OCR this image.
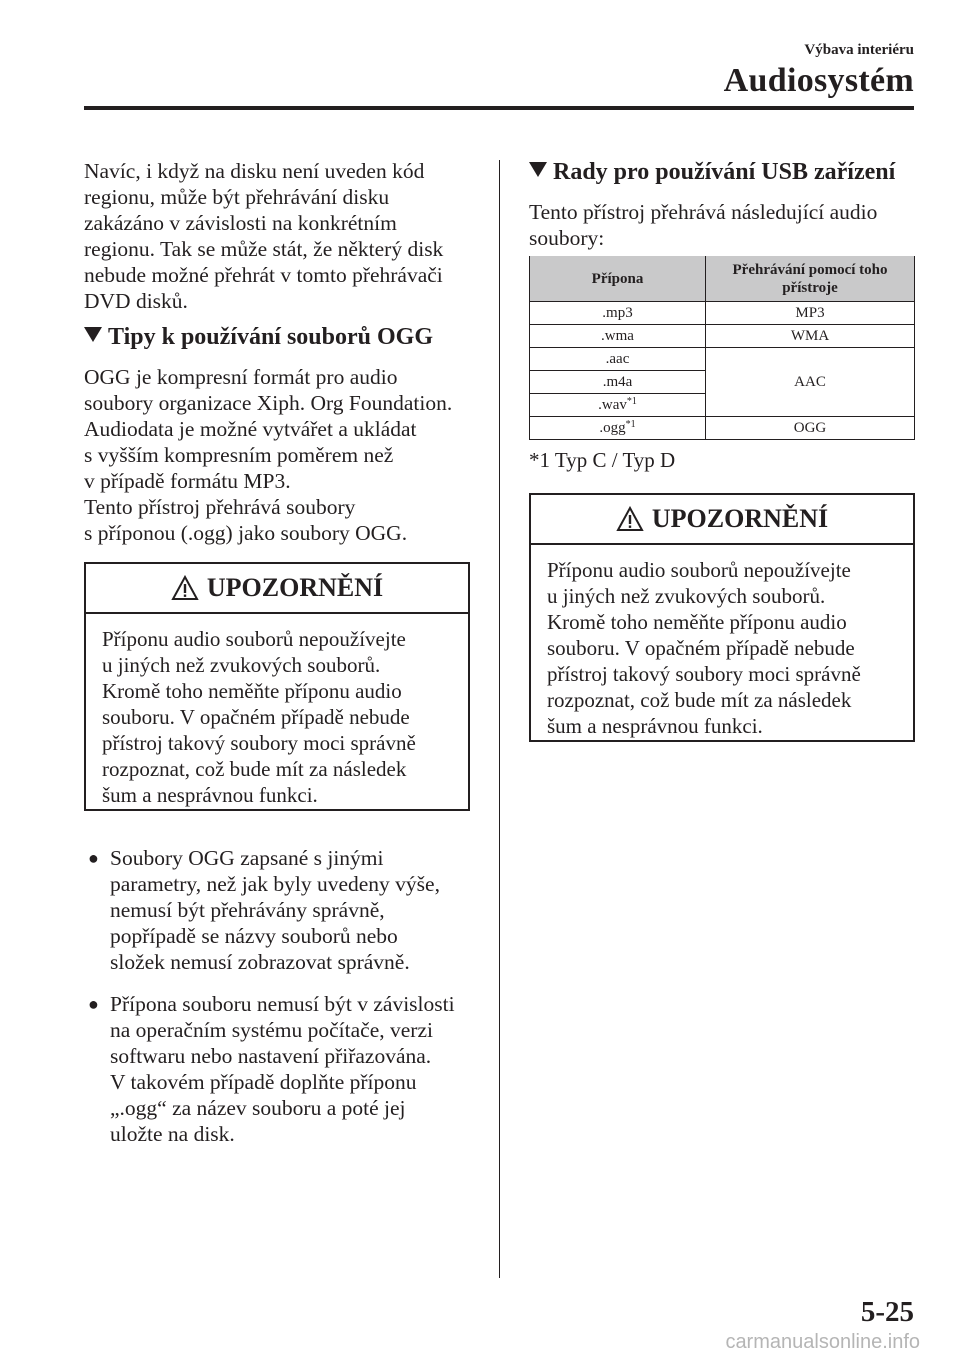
Výbava interiéru
Audiosystém

Navíc, i když na disku není uveden kód

regionu, může být přehrávání disku

zakázáno v závislosti na konkrétním

regionu. Tak se může stát, že některý disk

nebude možné přehrát v tomto přehrávači

DVD disků.

Tipy k používání souborů OGG

OGG je kompresní formát pro audio

soubory organizace Xiph. Org Foundation.

Audiodata je možné vytvářet a ukládat

s vyšším kompresním poměrem než

v případě formátu MP3.

Tento přístroj přehrává soubory

s příponou (.ogg) jako soubory OGG.

UPOZORNĚNÍ

Příponu audio souborů nepoužívejte

u jiných než zvukových souborů.

Kromě toho neměňte příponu audio

souboru. V opačném případě nebude

přístroj takový soubory moci správně

rozpoznat, což bude mít za následek

šum a nesprávnou funkci.

● Soubory OGG zapsané s jinými
parametry, než jak byly uvedeny výše,
nemusí být přehrávány správně,
popřípadě se názvy souborů nebo
složek nemusí zobrazovat správně.
● Přípona souboru nemusí být v závislosti
na operačním systému počítače, verzi
softwaru nebo nastavení přiřazována.
V takovém případě doplňte příponu
„.ogg“ za název souboru a poté jej
uložte na disk.

Rady pro používání USB zařízení

Tento přístroj přehrává následující audio

soubory:

Přípona	Přehrávání pomocí toho
přístroje
.mp3	MP3
.wma	WMA
.aac	AAC
.m4a	
.wav$^{*1}$
.ogg$^{*1}$	OGG
*1 Typ C / Typ D
UPOZORNĚNÍ

Příponu audio souborů nepoužívejte

u jiných než zvukových souborů.

Kromě toho neměňte příponu audio

souboru. V opačném případě nebude

přístroj takový soubory moci správně

rozpoznat, což bude mít za následek

šum a nesprávnou funkci.

5-25
carmanualsonline.info
